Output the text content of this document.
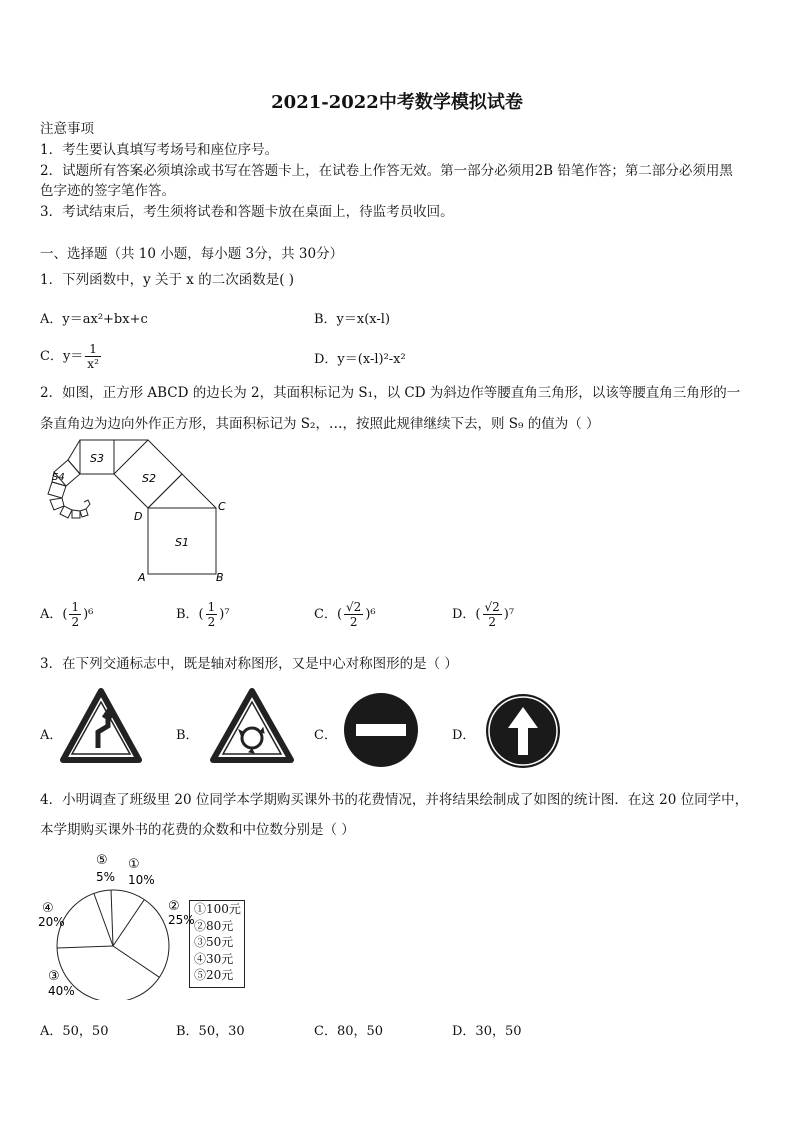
2021-2022中考数学模拟试卷
注意事项
1．考生要认真填写考场号和座位序号。
2．试题所有答案必须填涂或书写在答题卡上，在试卷上作答无效。第一部分必须用2B 铅笔作答；第二部分必须用黑
色字迹的签字笔作答。
3．考试结束后，考生须将试卷和答题卡放在桌面上，待监考员收回。
一、选择题（共 10 小题，每小题 3分，共 30分）
1．下列函数中，y 关于 x 的二次函数是( )
A．y＝ax²+bx+c	B．y＝x(x-l)
C．$y= \frac{1}{\text{x²}}$	D．y＝(x-l)²-x²
2．如图，正方形 ABCD 的边长为 2，其面积标记为 S₁，以 CD 为斜边作等腰直角三角形，以该等腰直角三角形的一
条直角边为边向外作正方形，其面积标记为 S₂，…，按照此规律继续下去，则 S₉ 的值为（ ）
S1
S2
S3
S4
A	B
C
D
A．( $\frac{1}{2} )^6$	B．( $\frac{1}{2} )^7$	C．( $\frac{√2}{2} )^6$	D．( $\frac{√2}{2} )^7$
3．在下列交通标志中，既是轴对称图形，又是中心对称图形的是（ ）
A．	B．	C．	D．
4．小明调查了班级里 20 位同学本学期购买课外书的花费情况，并将结果绘制成了如图的统计图．在这 20 位同学中，
本学期购买课外书的花费的众数和中位数分别是（ ）
⑤
5%
①
10%
②
25%
④
20%
③
40%
①100元
②80元
③50元
④30元
⑤20元
A．50，50	B．50，30	C．80，50	D．30，50
